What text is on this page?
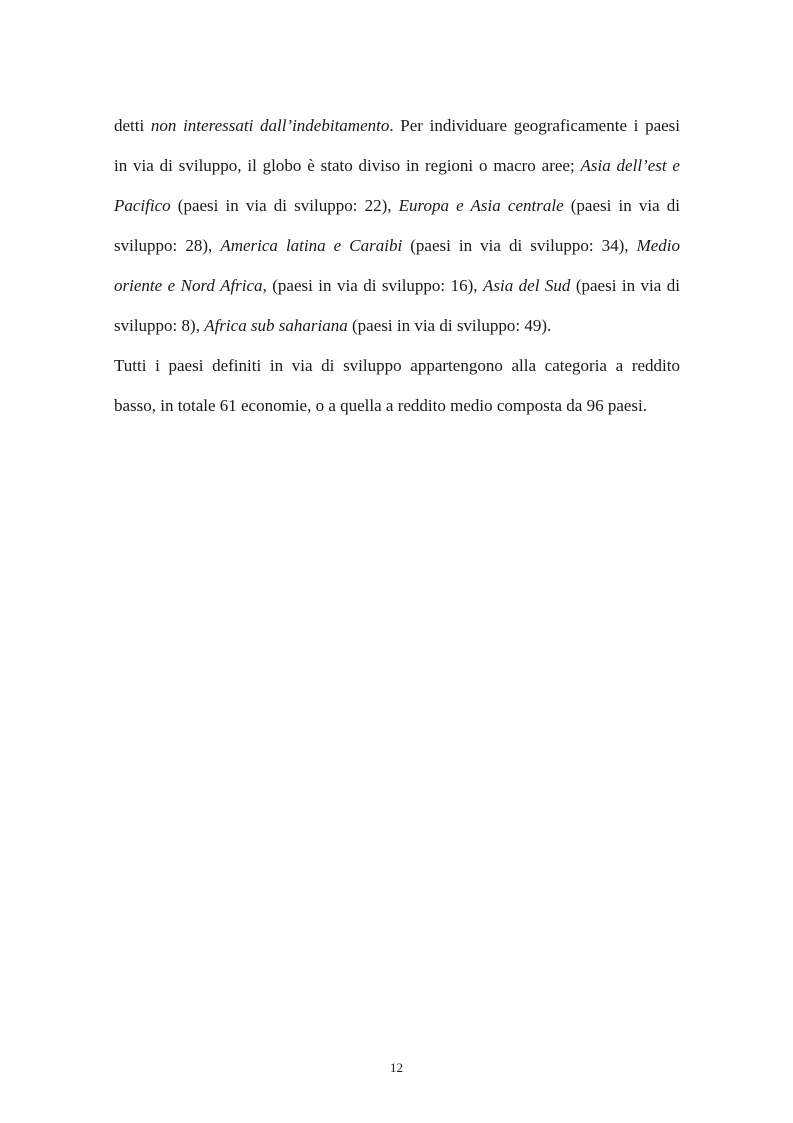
detti non interessati dall’indebitamento. Per individuare geograficamente i paesi
in via di sviluppo, il globo è stato diviso in regioni o macro aree; Asia dell’est e
Pacifico (paesi in via di sviluppo: 22), Europa e Asia centrale (paesi in via di
sviluppo: 28), America latina e Caraibi (paesi in via di sviluppo: 34), Medio
oriente e Nord Africa, (paesi in via di sviluppo: 16), Asia del Sud (paesi in via di
sviluppo: 8), Africa sub sahariana (paesi in via di sviluppo: 49).
Tutti i paesi definiti in via di sviluppo appartengono alla categoria a reddito
basso, in totale 61 economie, o a quella a reddito medio composta da 96 paesi.
12
